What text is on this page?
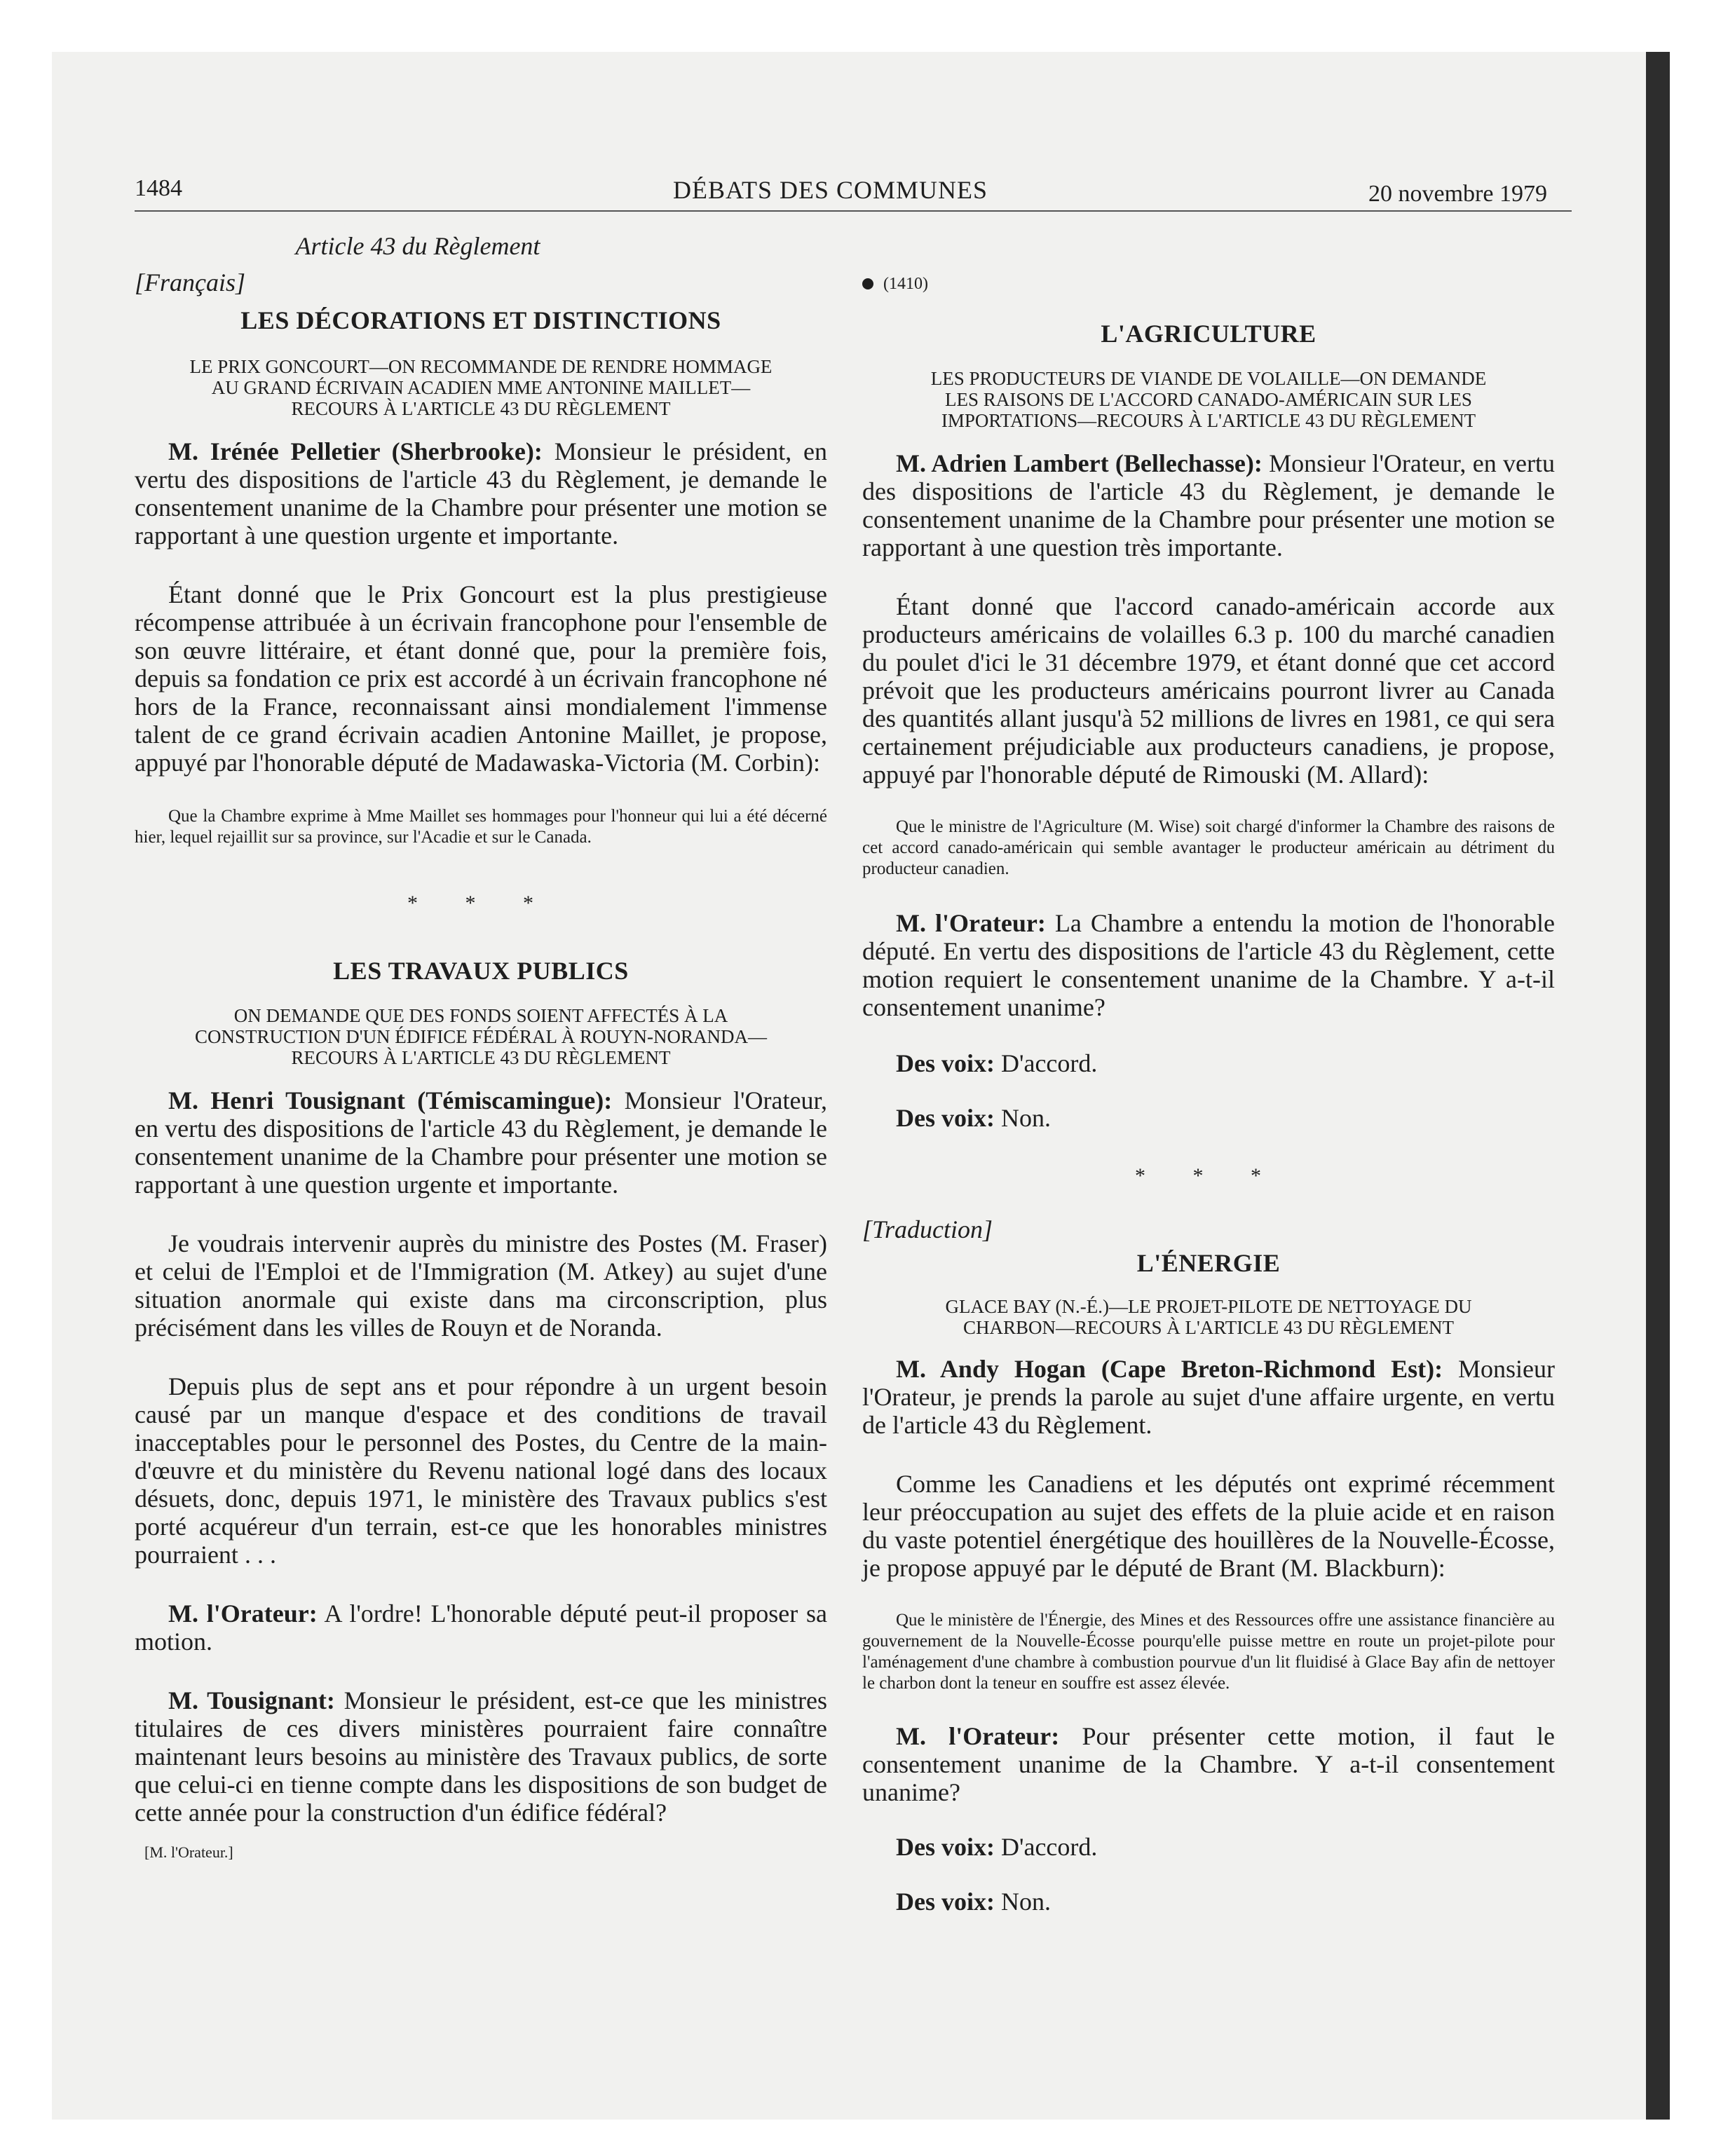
1484	DÉBATS DES COMMUNES	20 novembre 1979

Article 43 du Règlement

[Français]

LES DÉCORATIONS ET DISTINCTIONS

LE PRIX GONCOURT—ON RECOMMANDE DE RENDRE HOMMAGE

AU GRAND ÉCRIVAIN ACADIEN MME ANTONINE MAILLET—

RECOURS À L'ARTICLE 43 DU RÈGLEMENT

M. Irénée Pelletier (Sherbrooke): Monsieur le président, en vertu des dispositions de l'article 43 du Règlement, je demande le consentement unanime de la Chambre pour présenter une motion se rapportant à une question urgente et importante.

Étant donné que le Prix Goncourt est la plus prestigieuse récompense attribuée à un écrivain francophone pour l'ensemble de son œuvre littéraire, et étant donné que, pour la première fois, depuis sa fondation ce prix est accordé à un écrivain francophone né hors de la France, reconnaissant ainsi mondialement l'immense talent de ce grand écrivain acadien Antonine Maillet, je propose, appuyé par l'honorable député de Madawaska-Victoria (M. Corbin):

Que la Chambre exprime à Mme Maillet ses hommages pour l'honneur qui lui a été décerné hier, lequel rejaillit sur sa province, sur l'Acadie et sur le Canada.

* * *

LES TRAVAUX PUBLICS

ON DEMANDE QUE DES FONDS SOIENT AFFECTÉS À LA

CONSTRUCTION D'UN ÉDIFICE FÉDÉRAL À ROUYN-NORANDA—

RECOURS À L'ARTICLE 43 DU RÈGLEMENT

M. Henri Tousignant (Témiscamingue): Monsieur l'Orateur, en vertu des dispositions de l'article 43 du Règlement, je demande le consentement unanime de la Chambre pour présenter une motion se rapportant à une question urgente et importante.

Je voudrais intervenir auprès du ministre des Postes (M. Fraser) et celui de l'Emploi et de l'Immigration (M. Atkey) au sujet d'une situation anormale qui existe dans ma circonscription, plus précisément dans les villes de Rouyn et de Noranda.

Depuis plus de sept ans et pour répondre à un urgent besoin causé par un manque d'espace et des conditions de travail inacceptables pour le personnel des Postes, du Centre de la main-d'œuvre et du ministère du Revenu national logé dans des locaux désuets, donc, depuis 1971, le ministère des Travaux publics s'est porté acquéreur d'un terrain, est-ce que les honorables ministres pourraient . . .

M. l'Orateur: A l'ordre! L'honorable député peut-il proposer sa motion.

M. Tousignant: Monsieur le président, est-ce que les ministres titulaires de ces divers ministères pourraient faire connaître maintenant leurs besoins au ministère des Travaux publics, de sorte que celui-ci en tienne compte dans les dispositions de son budget de cette année pour la construction d'un édifice fédéral?

[M. l'Orateur.]

(1410)

L'AGRICULTURE

LES PRODUCTEURS DE VIANDE DE VOLAILLE—ON DEMANDE

LES RAISONS DE L'ACCORD CANADO-AMÉRICAIN SUR LES

IMPORTATIONS—RECOURS À L'ARTICLE 43 DU RÈGLEMENT

M. Adrien Lambert (Bellechasse): Monsieur l'Orateur, en vertu des dispositions de l'article 43 du Règlement, je demande le consentement unanime de la Chambre pour présenter une motion se rapportant à une question très importante.

Étant donné que l'accord canado-américain accorde aux producteurs américains de volailles 6.3 p. 100 du marché canadien du poulet d'ici le 31 décembre 1979, et étant donné que cet accord prévoit que les producteurs américains pourront livrer au Canada des quantités allant jusqu'à 52 millions de livres en 1981, ce qui sera certainement préjudiciable aux producteurs canadiens, je propose, appuyé par l'honorable député de Rimouski (M. Allard):

Que le ministre de l'Agriculture (M. Wise) soit chargé d'informer la Chambre des raisons de cet accord canado-américain qui semble avantager le producteur américain au détriment du producteur canadien.

M. l'Orateur: La Chambre a entendu la motion de l'honorable député. En vertu des dispositions de l'article 43 du Règlement, cette motion requiert le consentement unanime de la Chambre. Y a-t-il consentement unanime?

Des voix: D'accord.

Des voix: Non.

* * *

[Traduction]

L'ÉNERGIE

GLACE BAY (N.-É.)—LE PROJET-PILOTE DE NETTOYAGE DU

CHARBON—RECOURS À L'ARTICLE 43 DU RÈGLEMENT

M. Andy Hogan (Cape Breton-Richmond Est): Monsieur l'Orateur, je prends la parole au sujet d'une affaire urgente, en vertu de l'article 43 du Règlement.

Comme les Canadiens et les députés ont exprimé récemment leur préoccupation au sujet des effets de la pluie acide et en raison du vaste potentiel énergétique des houillères de la Nouvelle-Écosse, je propose appuyé par le député de Brant (M. Blackburn):

Que le ministère de l'Énergie, des Mines et des Ressources offre une assistance financière au gouvernement de la Nouvelle-Écosse pourqu'elle puisse mettre en route un projet-pilote pour l'aménagement d'une chambre à combustion pourvue d'un lit fluidisé à Glace Bay afin de nettoyer le charbon dont la teneur en souffre est assez élevée.

M. l'Orateur: Pour présenter cette motion, il faut le consentement unanime de la Chambre. Y a-t-il consentement unanime?

Des voix: D'accord.

Des voix: Non.
